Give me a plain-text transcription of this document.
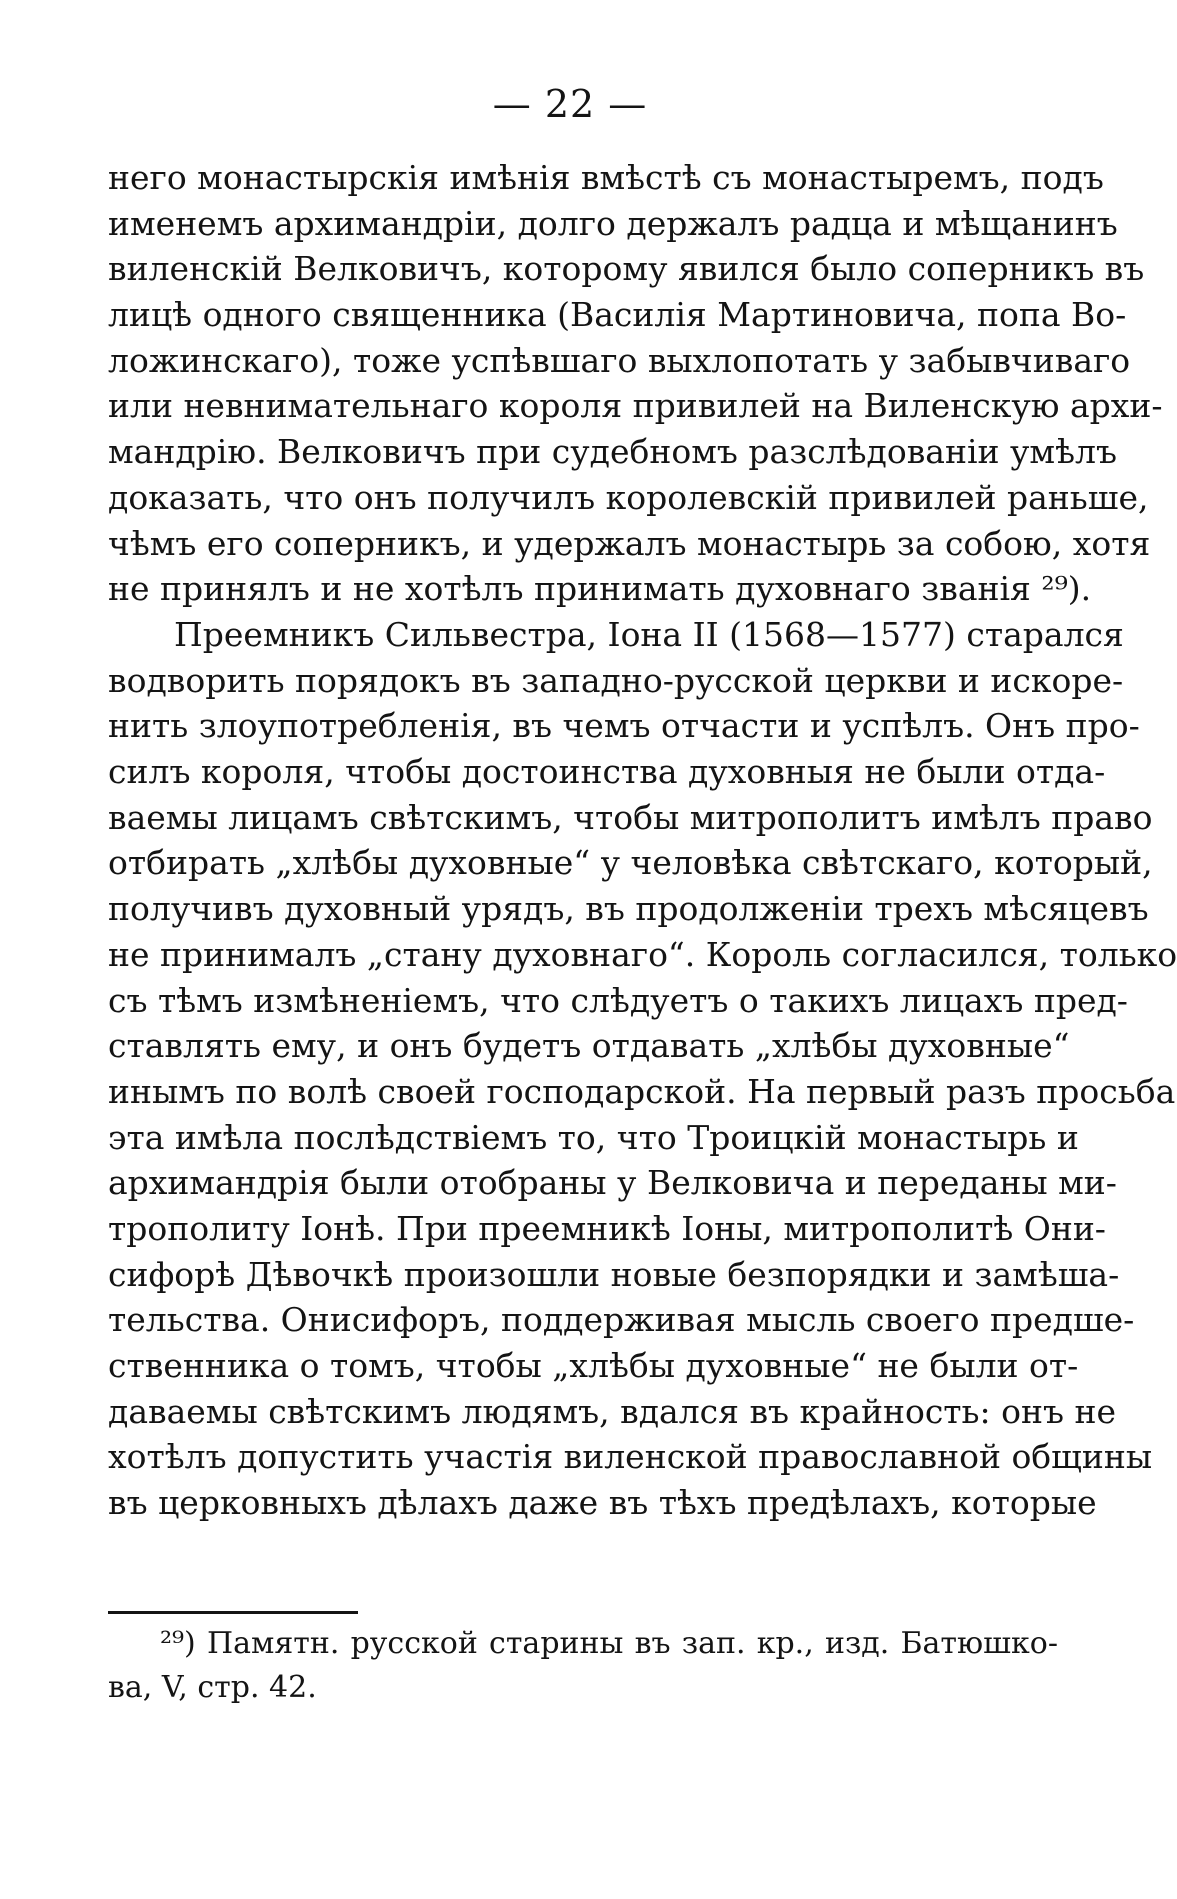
— 22 —
него монастырскія имѣнія вмѣстѣ съ монастыремъ, подъ
именемъ архимандріи, долго держалъ радца и мѣщанинъ
виленскій Велковичъ, которому явился было соперникъ въ
лицѣ одного священника (Василія Мартиновича, попа Во-
ложинскаго), тоже успѣвшаго выхлопотать у забывчиваго
или невнимательнаго короля привилей на Виленскую архи-
мандрію. Велковичъ при судебномъ разслѣдованіи умѣлъ
доказать, что онъ получилъ королевскій привилей раньше,
чѣмъ его соперникъ, и удержалъ монастырь за собою, хотя
не принялъ и не хотѣлъ принимать духовнаго званія ²⁹).
Преемникъ Сильвестра, Іона II (1568—1577) старался
водворить порядокъ въ западно-русской церкви и искоре-
нить злоупотребленія, въ чемъ отчасти и успѣлъ. Онъ про-
силъ короля, чтобы достоинства духовныя не были отда-
ваемы лицамъ свѣтскимъ, чтобы митрополитъ имѣлъ право
отбирать „хлѣбы духовные“ у человѣка свѣтскаго, который,
получивъ духовный урядъ, въ продолженіи трехъ мѣсяцевъ
не принималъ „стану духовнаго“. Король согласился, только
съ тѣмъ измѣненіемъ, что слѣдуетъ о такихъ лицахъ пред-
ставлять ему, и онъ будетъ отдавать „хлѣбы духовные“
инымъ по волѣ своей господарской. На первый разъ просьба
эта имѣла послѣдствіемъ то, что Троицкій монастырь и
архимандрія были отобраны у Велковича и переданы ми-
трополиту Іонѣ. При преемникѣ Іоны, митрополитѣ Они-
сифорѣ Дѣвочкѣ произошли новые безпорядки и замѣша-
тельства. Онисифоръ, поддерживая мысль своего предше-
ственника о томъ, чтобы „хлѣбы духовные“ не были от-
даваемы свѣтскимъ людямъ, вдался въ крайность: онъ не
хотѣлъ допустить участія виленской православной общины
въ церковныхъ дѣлахъ даже въ тѣхъ предѣлахъ, которые
²⁹) Памятн. русской старины въ зап. кр., изд. Батюшко-
ва, V, стр. 42.
